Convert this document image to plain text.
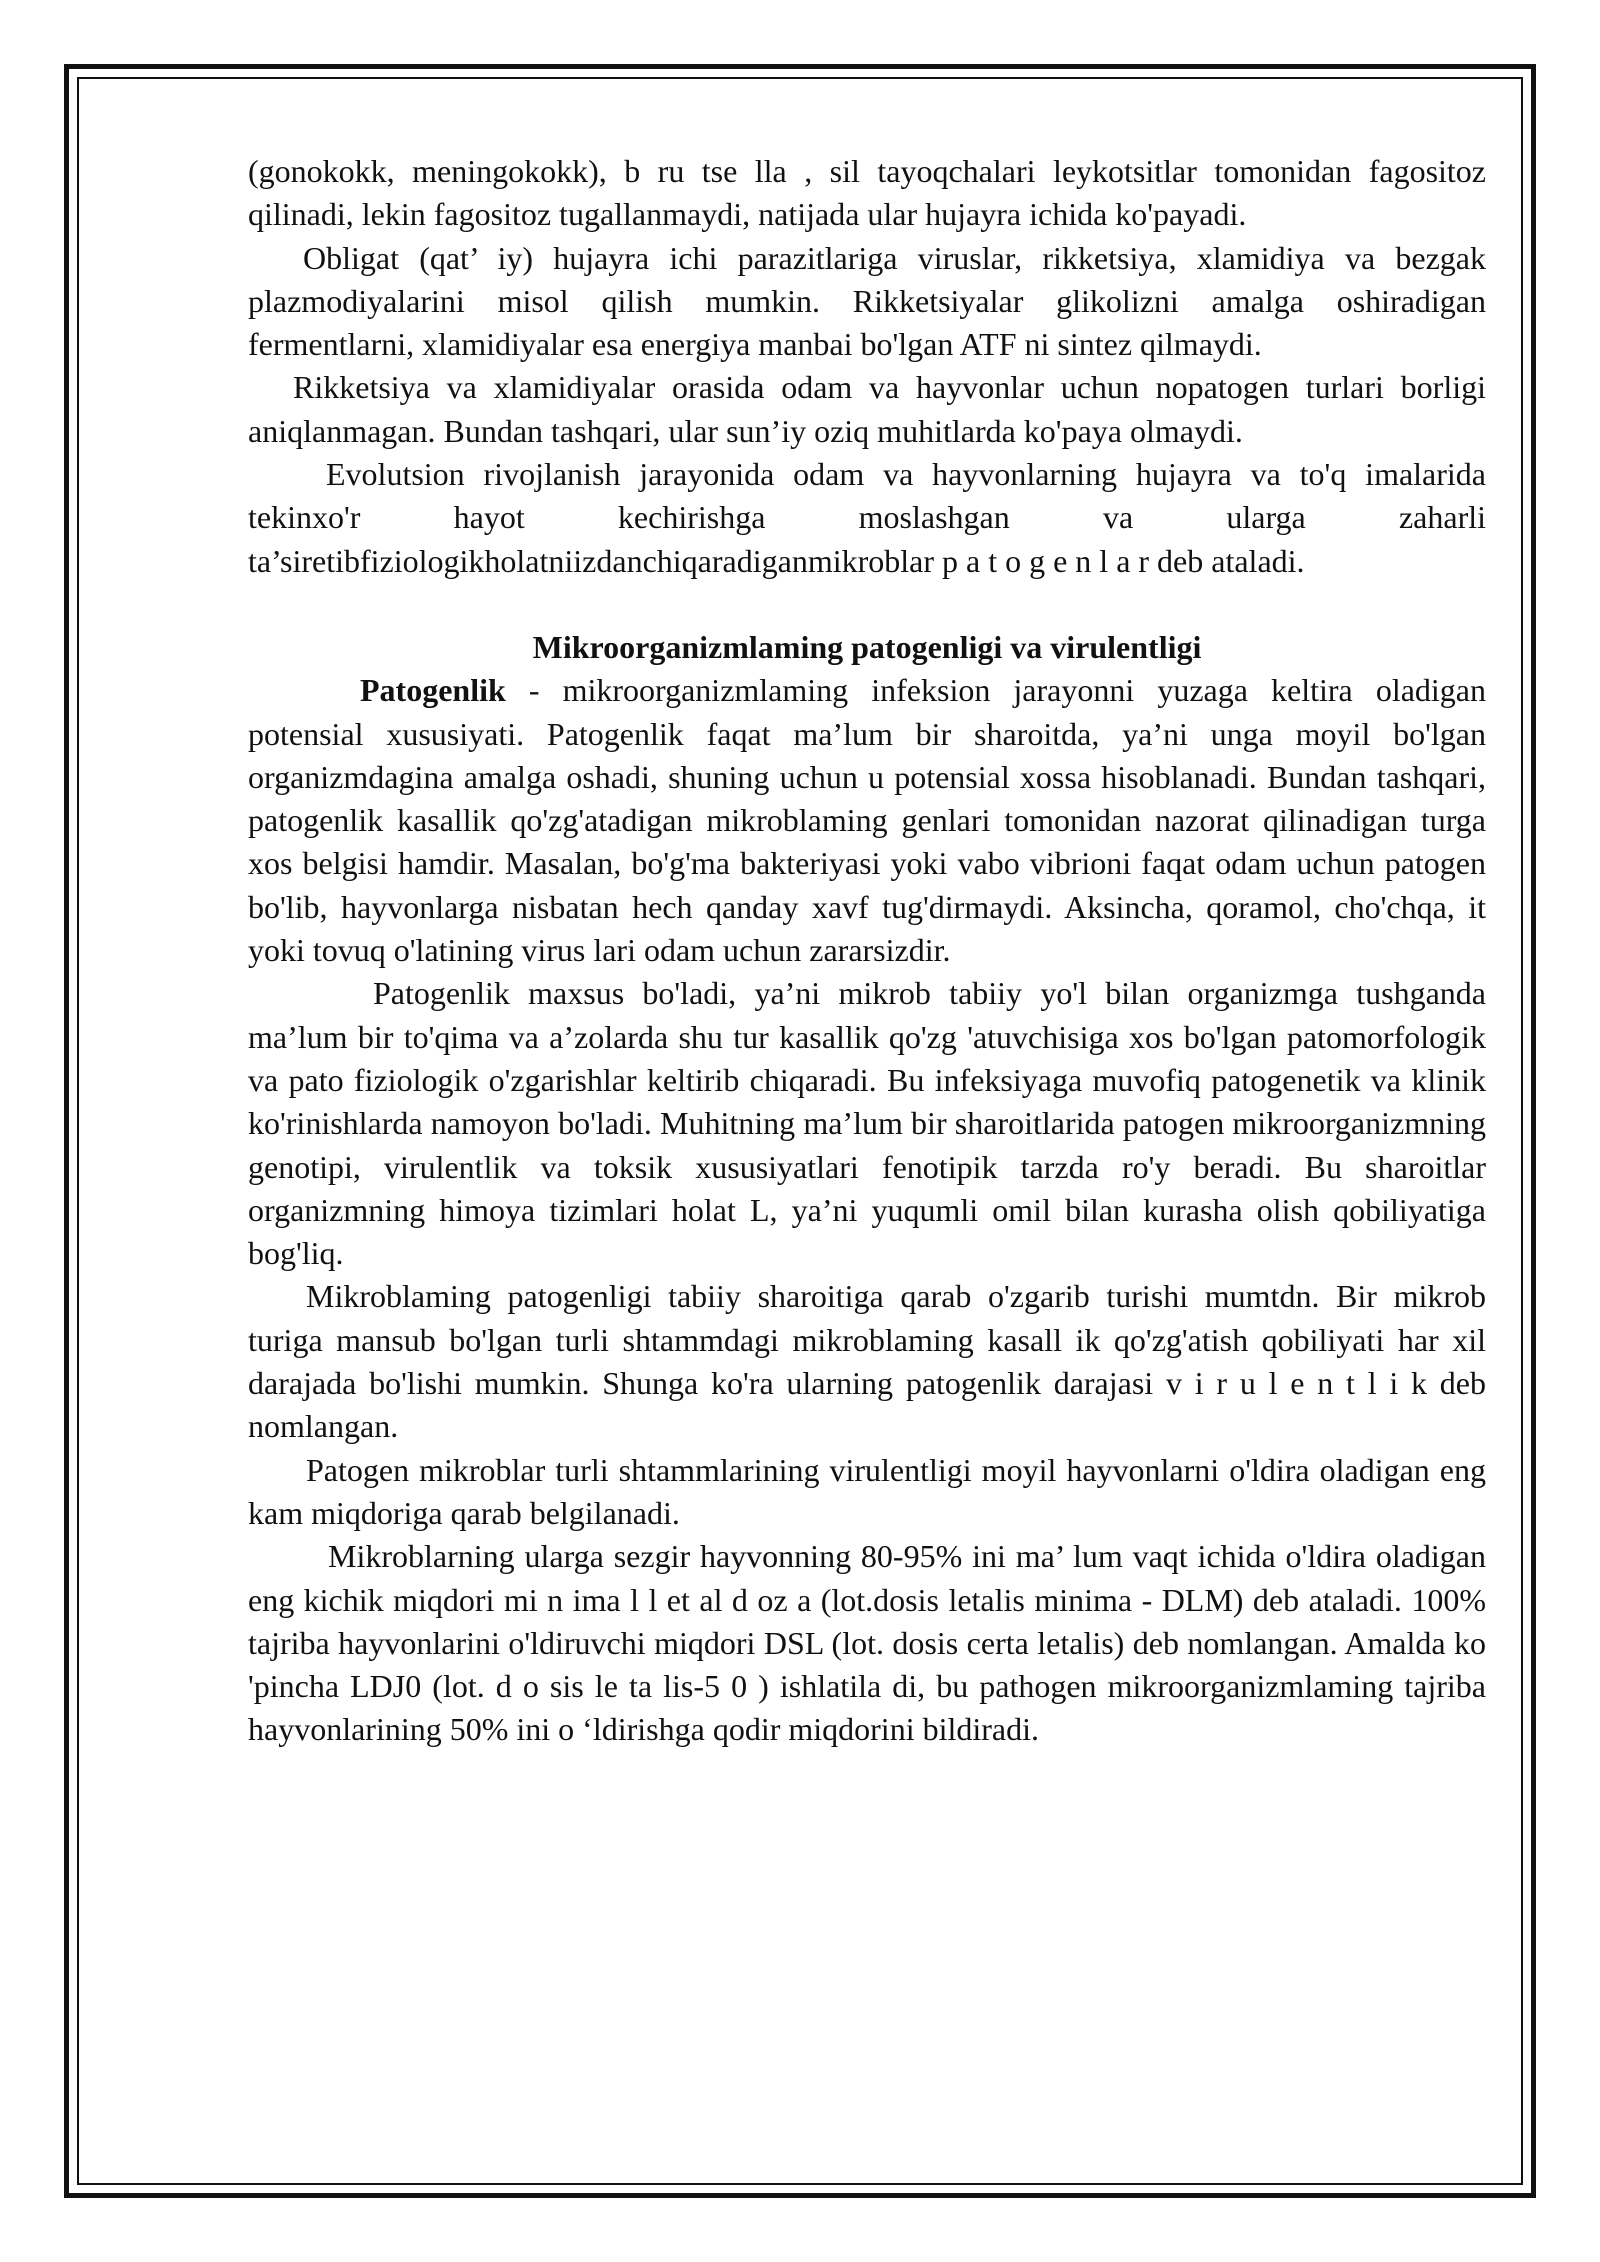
(gonokokk, meningokokk), b ru tse lla , sil tayoqchalari leykotsitlar tomonidan fagositoz qilinadi, lekin fagositoz tugallanmaydi, natijada ular hujayra ichida ko'payadi.

Obligat (qat’ iy) hujayra ichi parazitlariga viruslar, rikketsiya, xlamidiya va bezgak plazmodiyalarini misol qilish mumkin. Rikketsiyalar glikolizni amalga oshiradigan fermentlarni, xlamidiyalar esa energiya manbai bo'lgan ATF ni sintez qilmaydi.

Rikketsiya va xlamidiyalar orasida odam va hayvonlar uchun nopatogen turlari borligi aniqlanmagan. Bundan tashqari, ular sun’iy oziq muhitlarda ko'paya olmaydi.

Evolutsion rivojlanish jarayonida odam va hayvonlarning hujayra va to'q imalarida tekinxo'r hayot kechirishga moslashgan va ularga zaharli ta’siretibfiziologikholatniizdanchiqaradiganmikroblar p a t o g e n l a r deb ataladi.

Mikroorganizmlaming patogenligi va virulentligi

Patogenlik - mikroorganizmlaming infeksion jarayonni yuzaga keltira oladigan potensial xususiyati. Patogenlik faqat ma’lum bir sharoitda, ya’ni unga moyil bo'lgan organizmdagina amalga oshadi, shuning uchun u potensial xossa hisoblanadi. Bundan tashqari, patogenlik kasallik qo'zg'atadigan mikroblaming genlari tomonidan nazorat qilinadigan turga xos belgisi hamdir. Masalan, bo'g'ma bakteriyasi yoki vabo vibrioni faqat odam uchun patogen bo'lib, hayvonlarga nisbatan hech qanday xavf tug'dirmaydi. Aksincha, qoramol, cho'chqa, it yoki tovuq o'latining virus lari odam uchun zararsizdir.

Patogenlik maxsus bo'ladi, ya’ni mikrob tabiiy yo'l bilan organizmga tushganda ma’lum bir to'qima va a’zolarda shu tur kasallik qo'zg 'atuvchisiga xos bo'lgan patomorfologik va pato fiziologik o'zgarishlar keltirib chiqaradi. Bu infeksiyaga muvofiq patogenetik va klinik ko'rinishlarda namoyon bo'ladi. Muhitning ma’lum bir sharoitlarida patogen mikroorganizmning genotipi, virulentlik va toksik xususiyatlari fenotipik tarzda ro'y beradi. Bu sharoitlar organizmning himoya tizimlari holat L, ya’ni yuqumli omil bilan kurasha olish qobiliyatiga bog'liq.

Mikroblaming patogenligi tabiiy sharoitiga qarab o'zgarib turishi mumtdn. Bir mikrob turiga mansub bo'lgan turli shtammdagi mikroblaming kasall ik qo'zg'atish qobiliyati har xil darajada bo'lishi mumkin. Shunga ko'ra ularning patogenlik darajasi v i r u l e n t l i k deb nomlangan.

Patogen mikroblar turli shtammlarining virulentligi moyil hayvonlarni o'ldira oladigan eng kam miqdoriga qarab belgilanadi.

Mikroblarning ularga sezgir hayvonning 80-95% ini ma’ lum vaqt ichida o'ldira oladigan eng kichik miqdori mi n ima l l et al d oz a (lot.dosis letalis minima - DLM) deb ataladi. 100% tajriba hayvonlarini o'ldiruvchi miqdori DSL (lot. dosis certa letalis) deb nomlangan. Amalda ko 'pincha LDJ0 (lot. d o sis le ta lis-5 0 ) ishlatila di, bu pathogen mikroorganizmlaming tajriba hayvonlarining 50% ini o ‘ldirishga qodir miqdorini bildiradi.
